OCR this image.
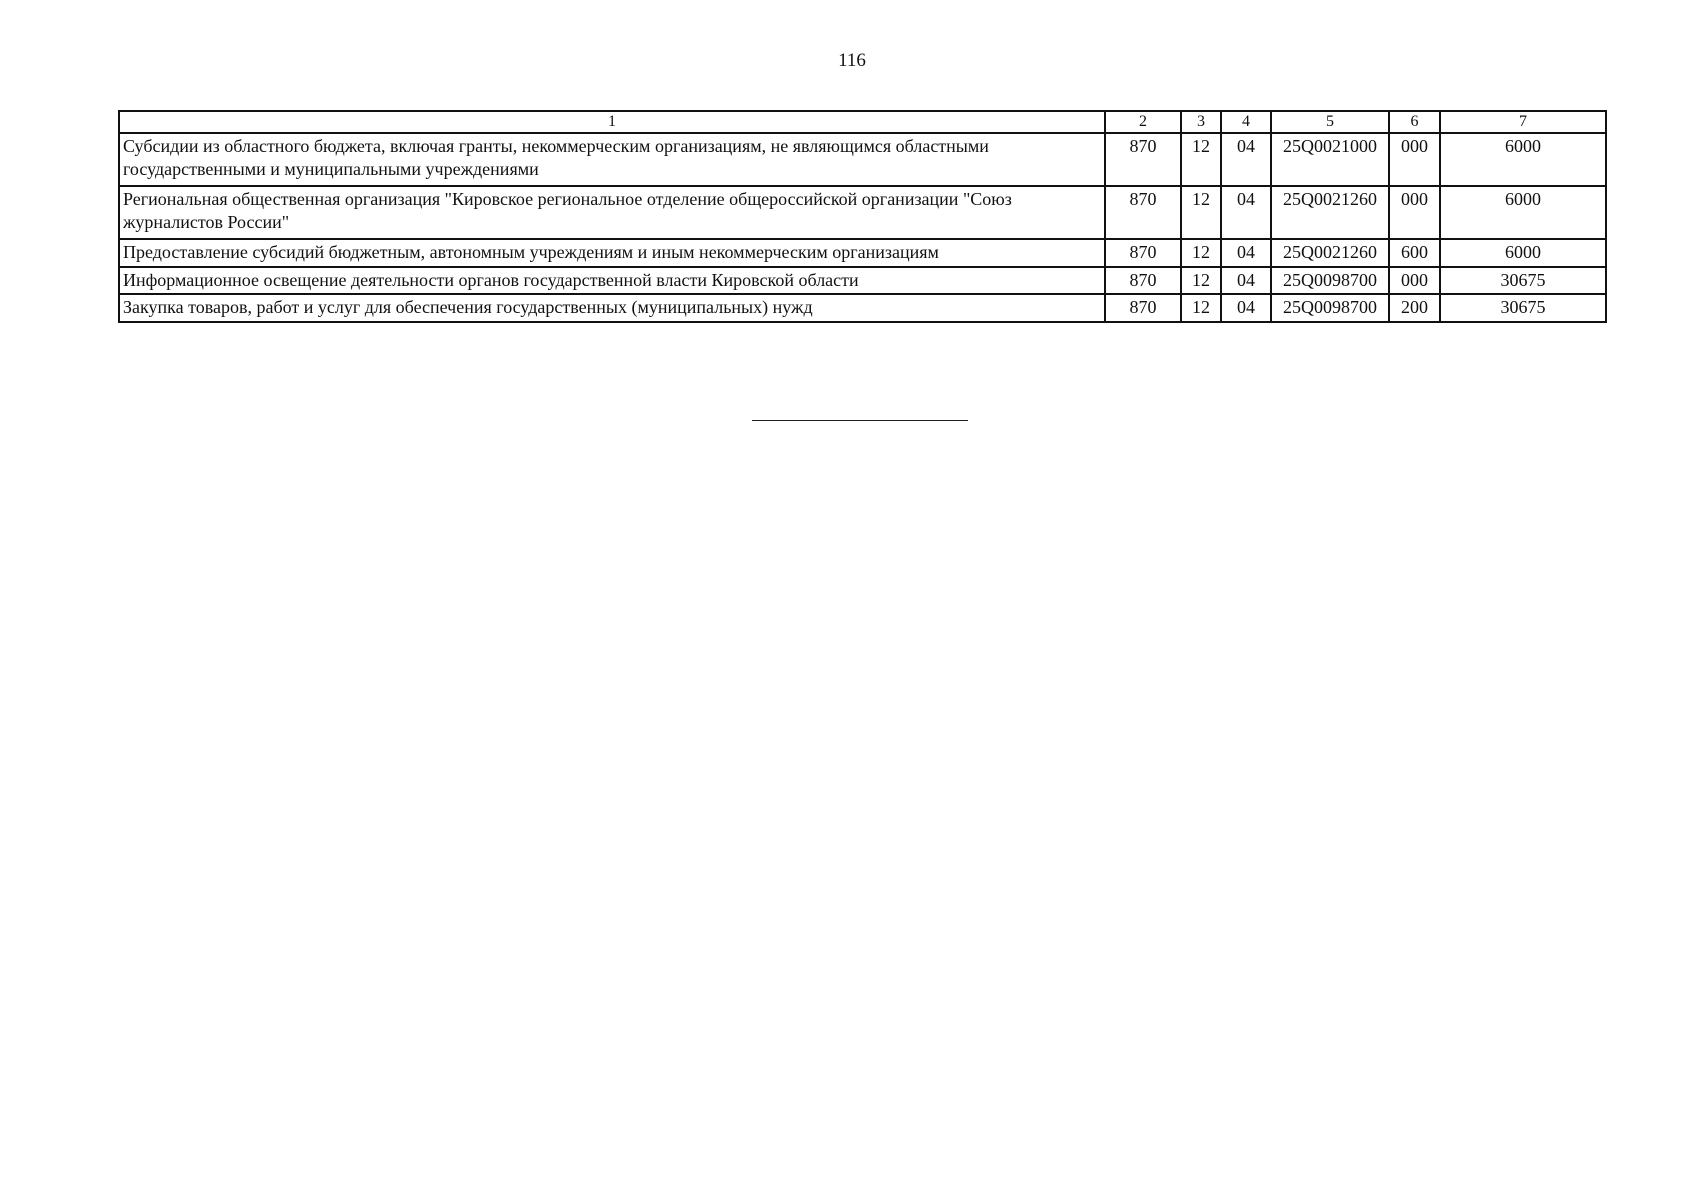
116
1	2	3	4	5	6	7
Субсидии из областного бюджета, включая гранты, некоммерческим организациям, не являющимся областными государственными и муниципальными учреждениями	870	12	04	25Q0021000	000	6000
Региональная общественная организация "Кировское региональное отделение общероссийской организации "Союз журналистов России"	870	12	04	25Q0021260	000	6000
Предоставление субсидий бюджетным, автономным учреждениям и иным некоммерческим организациям	870	12	04	25Q0021260	600	6000
Информационное освещение деятельности органов государственной власти Кировской области	870	12	04	25Q0098700	000	30675
Закупка товаров, работ и услуг для обеспечения государственных (муниципальных) нужд	870	12	04	25Q0098700	200	30675
